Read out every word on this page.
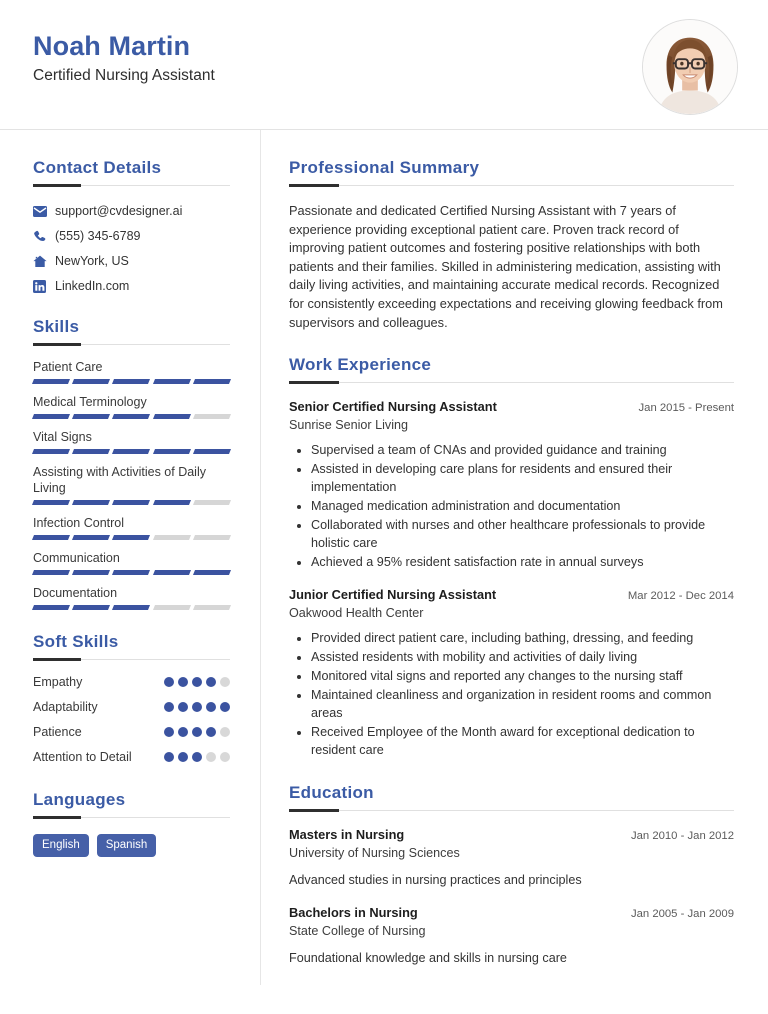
Noah Martin
Certified Nursing Assistant
Contact Details
support@cvdesigner.ai
(555) 345-6789
NewYork, US
LinkedIn.com
Skills
Patient Care
Medical Terminology
Vital Signs
Assisting with Activities of Daily Living
Infection Control
Communication
Documentation
Soft Skills
Empathy
Adaptability
Patience
Attention to Detail
Languages
English	Spanish
Professional Summary
Passionate and dedicated Certified Nursing Assistant with 7 years of experience providing exceptional patient care. Proven track record of improving patient outcomes and fostering positive relationships with both patients and their families. Skilled in administering medication, assisting with daily living activities, and maintaining accurate medical records. Recognized for consistently exceeding expectations and receiving glowing feedback from supervisors and colleagues.
Work Experience
Senior Certified Nursing Assistant	Jan 2015 - Present
Sunrise Senior Living
• Supervised a team of CNAs and provided guidance and training
• Assisted in developing care plans for residents and ensured their implementation
• Managed medication administration and documentation
• Collaborated with nurses and other healthcare professionals to provide holistic care
• Achieved a 95% resident satisfaction rate in annual surveys
Junior Certified Nursing Assistant	Mar 2012 - Dec 2014
Oakwood Health Center
• Provided direct patient care, including bathing, dressing, and feeding
• Assisted residents with mobility and activities of daily living
• Monitored vital signs and reported any changes to the nursing staff
• Maintained cleanliness and organization in resident rooms and common areas
• Received Employee of the Month award for exceptional dedication to resident care
Education
Masters in Nursing	Jan 2010 - Jan 2012
University of Nursing Sciences
Advanced studies in nursing practices and principles
Bachelors in Nursing	Jan 2005 - Jan 2009
State College of Nursing
Foundational knowledge and skills in nursing care
